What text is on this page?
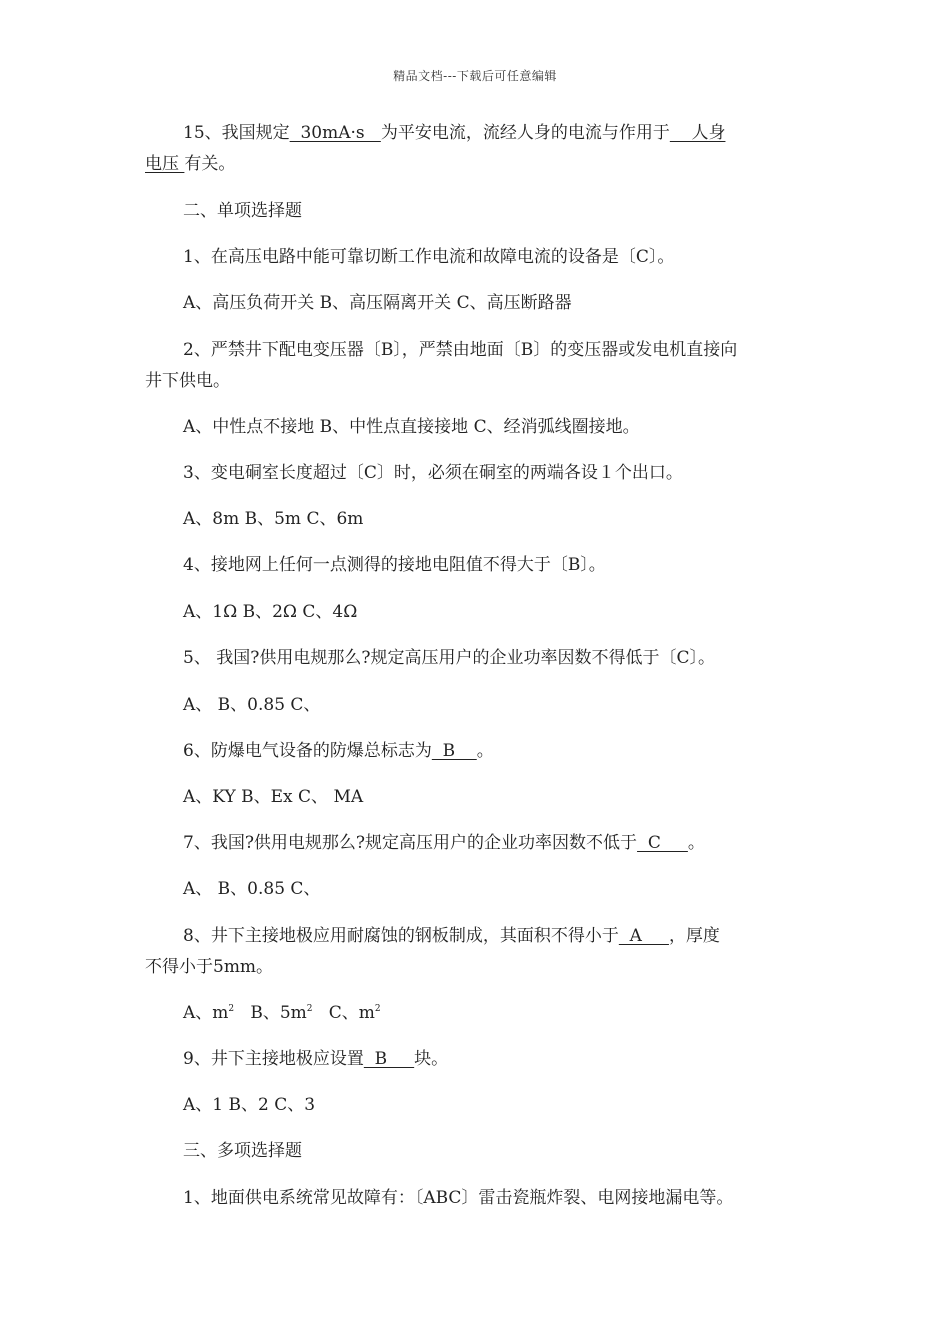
精品文档---下载后可任意编辑
15、我国规定  30mA·s   为平安电流，流经人身的电流与作用于    人身
电压 有关。
二、单项选择题
1、在高压电路中能可靠切断工作电流和故障电流的设备是〔C〕。
A、高压负荷开关 B、高压隔离开关 C、高压断路器
2、严禁井下配电变压器〔B〕，严禁由地面〔B〕的变压器或发电机直接向
井下供电。
A、中性点不接地 B、中性点直接接地 C、经消弧线圈接地。
3、变电硐室长度超过〔C〕时，必须在硐室的两端各设１个出口。
A、8m B、5m C、6m
4、接地网上任何一点测得的接地电阻值不得大于〔B〕。
A、1Ω B、2Ω C、4Ω
5、 我国?供用电规那么?规定高压用户的企业功率因数不得低于〔C〕。
A、 B、0.85 C、
6、防爆电气设备的防爆总标志为  B    。
A、KY B、Ex C、 MA
7、我国?供用电规那么?规定高压用户的企业功率因数不低于  C     。
A、 B、0.85 C、
8、井下主接地极应用耐腐蚀的钢板制成，其面积不得小于  A     ，厚度
不得小于5mm。
A、$m^2$   B、$5m^2$   C、$m^2$
9、井下主接地极应设置  B     块。
A、1 B、2 C、3
三、多项选择题
1、地面供电系统常见故障有：〔ABC〕雷击瓷瓶炸裂、电网接地漏电等。
